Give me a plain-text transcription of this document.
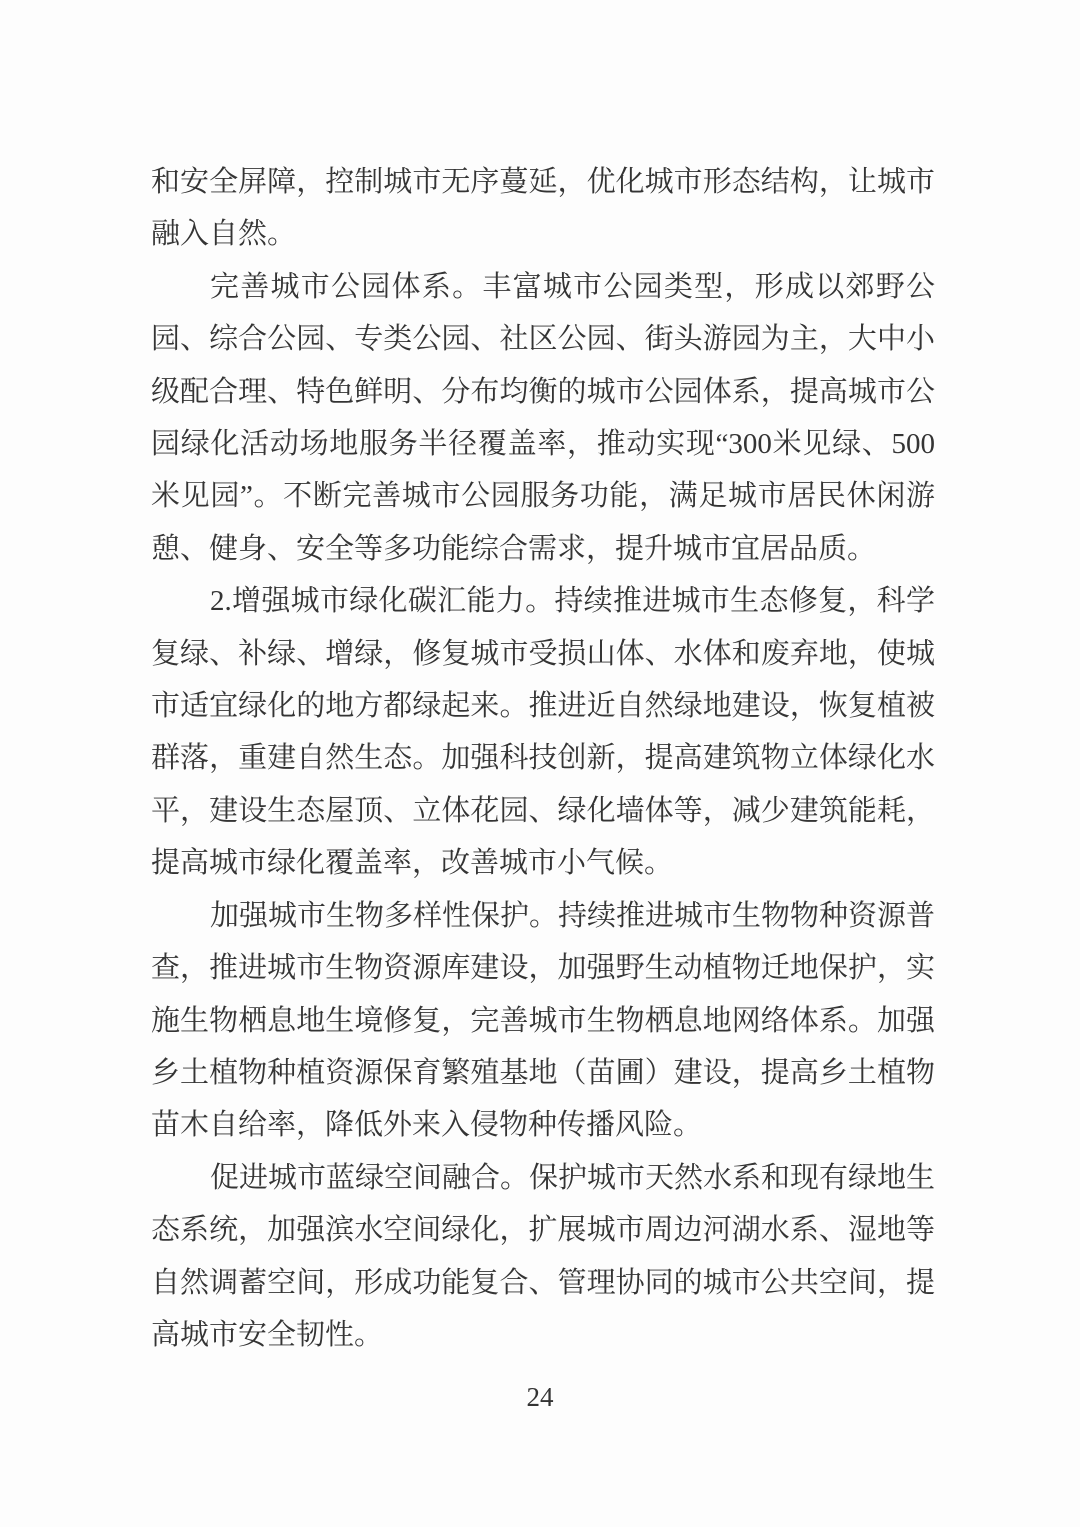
和安全屏障，控制城市无序蔓延，优化城市形态结构，让城市融入自然。

完善城市公园体系。丰富城市公园类型，形成以郊野公园、综合公园、专类公园、社区公园、街头游园为主，大中小级配合理、特色鲜明、分布均衡的城市公园体系，提高城市公园绿化活动场地服务半径覆盖率，推动实现“300米见绿、500米见园”。不断完善城市公园服务功能，满足城市居民休闲游憩、健身、安全等多功能综合需求，提升城市宜居品质。

2.增强城市绿化碳汇能力。持续推进城市生态修复，科学复绿、补绿、增绿，修复城市受损山体、水体和废弃地，使城市适宜绿化的地方都绿起来。推进近自然绿地建设，恢复植被群落，重建自然生态。加强科技创新，提高建筑物立体绿化水平，建设生态屋顶、立体花园、绿化墙体等，减少建筑能耗，提高城市绿化覆盖率，改善城市小气候。

加强城市生物多样性保护。持续推进城市生物物种资源普查，推进城市生物资源库建设，加强野生动植物迁地保护，实施生物栖息地生境修复，完善城市生物栖息地网络体系。加强乡土植物种植资源保育繁殖基地（苗圃）建设，提高乡土植物苗木自给率，降低外来入侵物种传播风险。

促进城市蓝绿空间融合。保护城市天然水系和现有绿地生态系统，加强滨水空间绿化，扩展城市周边河湖水系、湿地等自然调蓄空间，形成功能复合、管理协同的城市公共空间，提高城市安全韧性。

24
